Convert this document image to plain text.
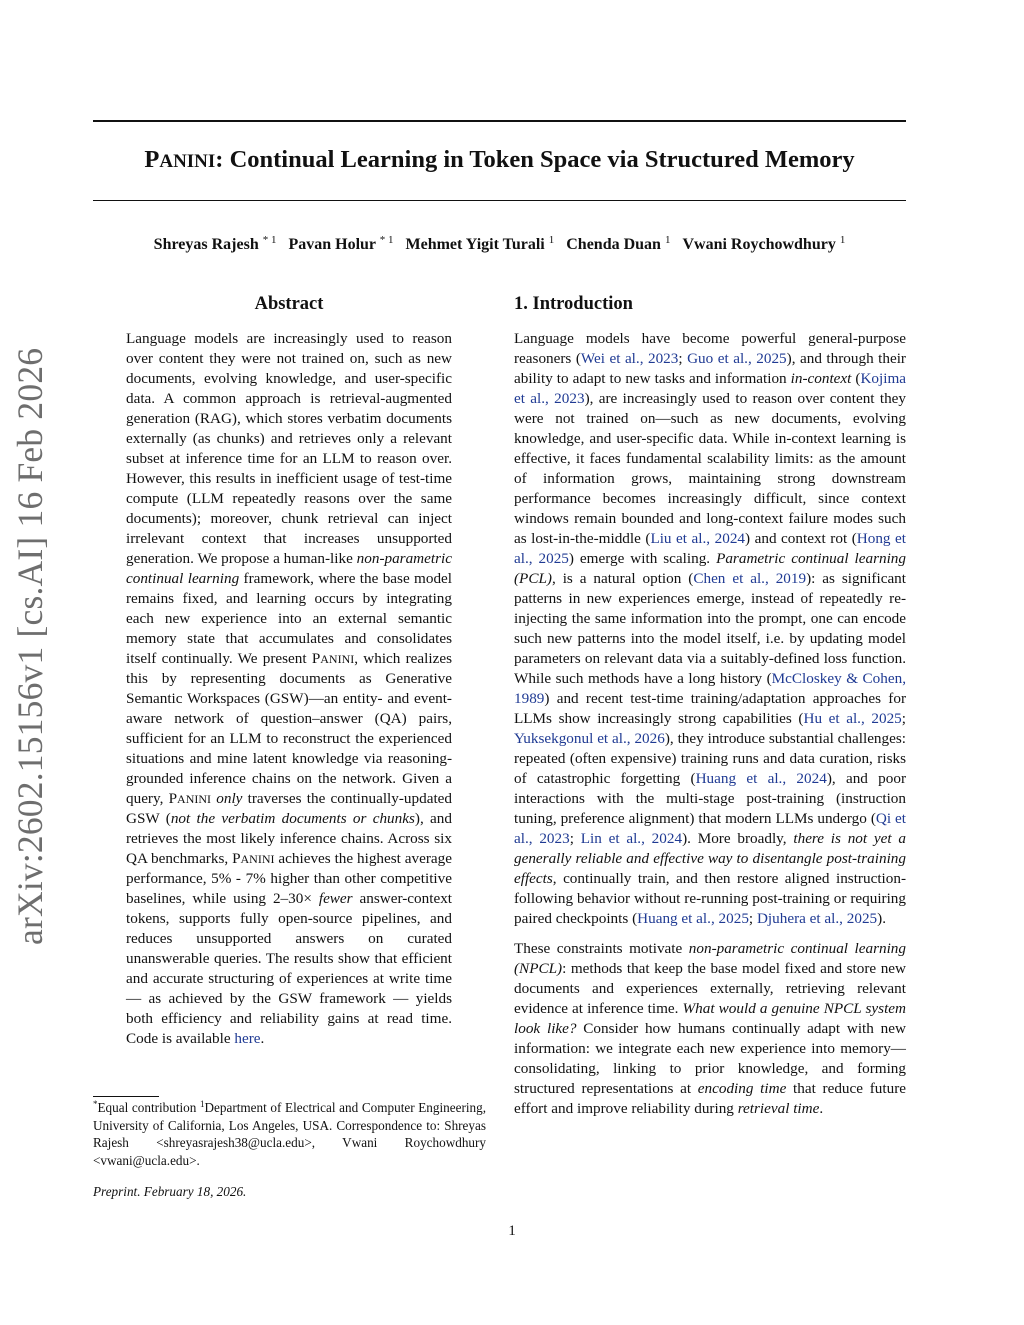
PANINI: Continual Learning in Token Space via Structured Memory
Shreyas Rajesh $^{* 1}$ Pavan Holur $^{* 1}$ Mehmet Yigit Turali $^1$ Chenda Duan $^1$ Vwani Roychowdhury $^1$
arXiv:2602.15156v1 [cs.AI] 16 Feb 2026
Abstract

Language models are increasingly used to reason over content they were not trained on, such as new documents, evolving knowledge, and user-specific data. A common approach is retrieval-augmented generation (RAG), which stores verbatim documents externally (as chunks) and retrieves only a relevant subset at inference time for an LLM to reason over. However, this results in inefficient usage of test-time compute (LLM repeatedly reasons over the same documents); moreover, chunk retrieval can inject irrelevant context that increases unsupported generation. We propose a human-like non-parametric continual learning framework, where the base model remains fixed, and learning occurs by integrating each new experience into an external semantic memory state that accumulates and consolidates itself continually. We present PANINI, which realizes this by representing documents as Generative Semantic Workspaces (GSW)—an entity- and event-aware network of question–answer (QA) pairs, sufficient for an LLM to reconstruct the experienced situations and mine latent knowledge via reasoning-grounded inference chains on the network. Given a query, PANINI only traverses the continually-updated GSW (not the verbatim documents or chunks), and retrieves the most likely inference chains. Across six QA benchmarks, PANINI achieves the highest average performance, 5% - 7% higher than other competitive baselines, while using 2–30× fewer answer-context tokens, supports fully open-source pipelines, and reduces unsupported answers on curated unanswerable queries. The results show that efficient and accurate structuring of experiences at write time — as achieved by the GSW framework — yields both efficiency and reliability gains at read time. Code is available here.

1. Introduction

Language models have become powerful general-purpose reasoners (Wei et al., 2023; Guo et al., 2025), and through their ability to adapt to new tasks and information in-context (Kojima et al., 2023), are increasingly used to reason over content they were not trained on—such as new documents, evolving knowledge, and user-specific data. While in-context learning is effective, it faces fundamental scalability limits: as the amount of information grows, maintaining strong downstream performance becomes increasingly difficult, since context windows remain bounded and long-context failure modes such as lost-in-the-middle (Liu et al., 2024) and context rot (Hong et al., 2025) emerge with scaling. Parametric continual learning (PCL), is a natural option (Chen et al., 2019): as significant patterns in new experiences emerge, instead of repeatedly re-injecting the same information into the prompt, one can encode such new patterns into the model itself, i.e. by updating model parameters on relevant data via a suitably-defined loss function. While such methods have a long history (McCloskey & Cohen, 1989) and recent test-time training/adaptation approaches for LLMs show increasingly strong capabilities (Hu et al., 2025; Yuksekgonul et al., 2026), they introduce substantial challenges: repeated (often expensive) training runs and data curation, risks of catastrophic forgetting (Huang et al., 2024), and poor interactions with the multi-stage post-training (instruction tuning, preference alignment) that modern LLMs undergo (Qi et al., 2023; Lin et al., 2024). More broadly, there is not yet a generally reliable and effective way to disentangle post-training effects, continually train, and then restore aligned instruction-following behavior without re-running post-training or requiring paired checkpoints (Huang et al., 2025; Djuhera et al., 2025).

These constraints motivate non-parametric continual learning (NPCL): methods that keep the base model fixed and store new documents and experiences externally, retrieving relevant evidence at inference time. What would a genuine NPCL system look like? Consider how humans continually adapt with new information: we integrate each new experience into memory—consolidating, linking to prior knowledge, and forming structured representations at encoding time that reduce future effort and improve reliability during retrieval time.

*Equal contribution $^1$Department of Electrical and Computer Engineering, University of California, Los Angeles, USA. Correspondence to: Shreyas Rajesh <shreyasrajesh38@ucla.edu>, Vwani Roychowdhury <vwani@ucla.edu>.
Preprint. February 18, 2026.
1
